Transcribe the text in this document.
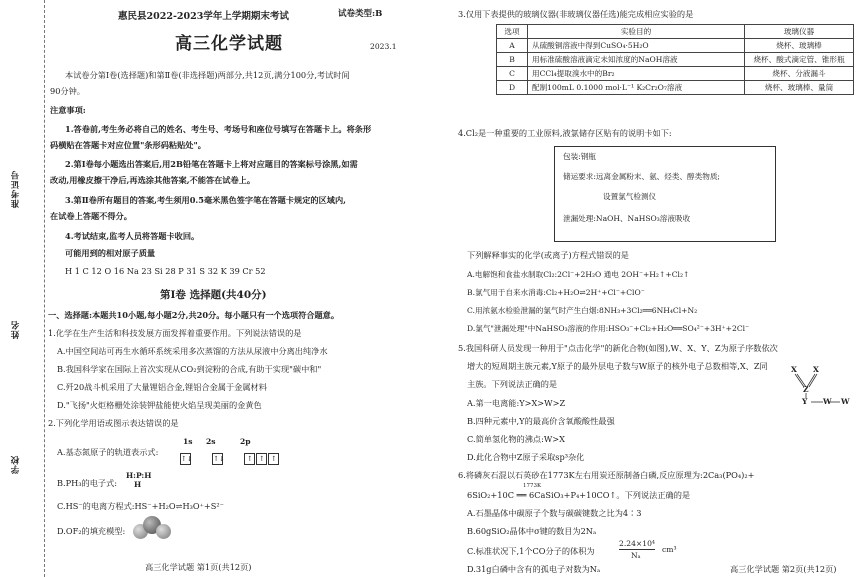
准考证号
姓名
学校
惠民县2022-2023学年上学期期末考试	试卷类型:B
高三化学试题	2023.1
本试卷分第Ⅰ卷(选择题)和第Ⅱ卷(非选择题)两部分,共12页,满分100分,考试时间
90分钟。
注意事项:
1.答卷前,考生务必将自己的姓名、考生号、考场号和座位号填写在答题卡上。将条形
码横贴在答题卡对应位置"条形码粘贴处"。
2.第Ⅰ卷每小题选出答案后,用2B铅笔在答题卡上将对应题目的答案标号涂黑,如需
改动,用橡皮擦干净后,再选涂其他答案,不能答在试卷上。
3.第Ⅱ卷所有题目的答案,考生须用0.5毫米黑色签字笔在答题卡规定的区域内,
在试卷上答题不得分。
4.考试结束,监考人员将答题卡收回。
可能用到的相对原子质量
H 1 C 12 O 16 Na 23 Si 28 P 31 S 32 K 39 Cr 52
第Ⅰ卷 选择题(共40分)
一、选择题:本题共10小题,每小题2分,共20分。每小题只有一个选项符合题意。
1.化学在生产生活和科技发展方面发挥着重要作用。下列说法错误的是
A.中国空间站可再生水循环系统采用多次蒸馏的方法从尿液中分离出纯净水
B.我国科学家在国际上首次实现从CO₂到淀粉的合成,有助于实现"碳中和"
C.歼20战斗机采用了大量锂铝合金,锂铝合金属于金属材料
D."飞扬"火炬格栅处涂装钾盐能使火焰呈现美丽的金黄色
2.下列化学用语或图示表达错误的是
A.基态氮原子的轨道表示式:
1s 2s	2p
↑↓	↑↓	↑ ↑ ↑
B.PH₃的电子式:
H:P:H
H
C.HS⁻的电离方程式:HS⁻+H₂O⇌H₃O⁺+S²⁻
D.OF₂的填充模型:
高三化学试题 第1页(共12页)
3.仅用下表提供的玻璃仪器(非玻璃仪器任选)能完成相应实验的是
选项	实验目的	玻璃仪器
A	从硫酸铜溶液中得到CuSO₄·5H₂O	烧杯、玻璃棒
B	用标准硫酸溶液滴定未知浓度的NaOH溶液	烧杯、酸式滴定管、锥形瓶
C	用CCl₄提取溴水中的Br₂	烧杯、分液漏斗
D	配制100mL 0.1000 mol·L⁻¹ K₂Cr₂O₇溶液	烧杯、玻璃棒、量筒
4.Cl₂是一种重要的工业原料,液氯储存区贴有的说明卡如下:
包装:钢瓶
储运要求:远离金属粉末、氨、烃类、醇类物质;
设置氯气检测仪
泄漏处理:NaOH、NaHSO₃溶液吸收
下列解释事实的化学(或离子)方程式错误的是
A.电解饱和食盐水制取Cl₂:2Cl⁻+2H₂O 通电 2OH⁻+H₂↑+Cl₂↑
B.氯气用于自来水消毒:Cl₂+H₂O⇌2H⁺+Cl⁻+ClO⁻
C.用浓氨水检验泄漏的氯气时产生白烟:8NH₃+3Cl₂══6NH₄Cl+N₂
D.氯气"泄漏处理"中NaHSO₃溶液的作用:HSO₃⁻+Cl₂+H₂O══SO₄²⁻+3H⁺+2Cl⁻
5.我国科研人员发现一种用于"点击化学"的新化合物(如图),W、X、Y、Z为原子序数依次
增大的短周期主族元素,Y原子的最外层电子数与W原子的核外电子总数相等,X、Z同
主族。下列说法正确的是
A.第一电离能:Y>X>W>Z
B.四种元素中,Y的最高价含氧酸酸性最强
C.简单氢化物的沸点:W>X
D.此化合物中Z原子采取sp³杂化
X X
Z
Y W W
6.将磷灰石混以石英砂在1773K左右用炭还原制备白磷,反应原理为:2Ca₃(PO₄)₂+
1773K
6SiO₂+10C ══ 6CaSiO₃+P₄+10CO↑。下列说法正确的是
A.石墨晶体中碳原子个数与碳碳键数之比为4∶3
B.60gSiO₂晶体中σ键的数目为2Nₐ
C.标准状况下,1个CO分子的体积为
2.24×10⁴
Nₐ
cm³
D.31g白磷中含有的孤电子对数为Nₐ	高三化学试题 第2页(共12页)
